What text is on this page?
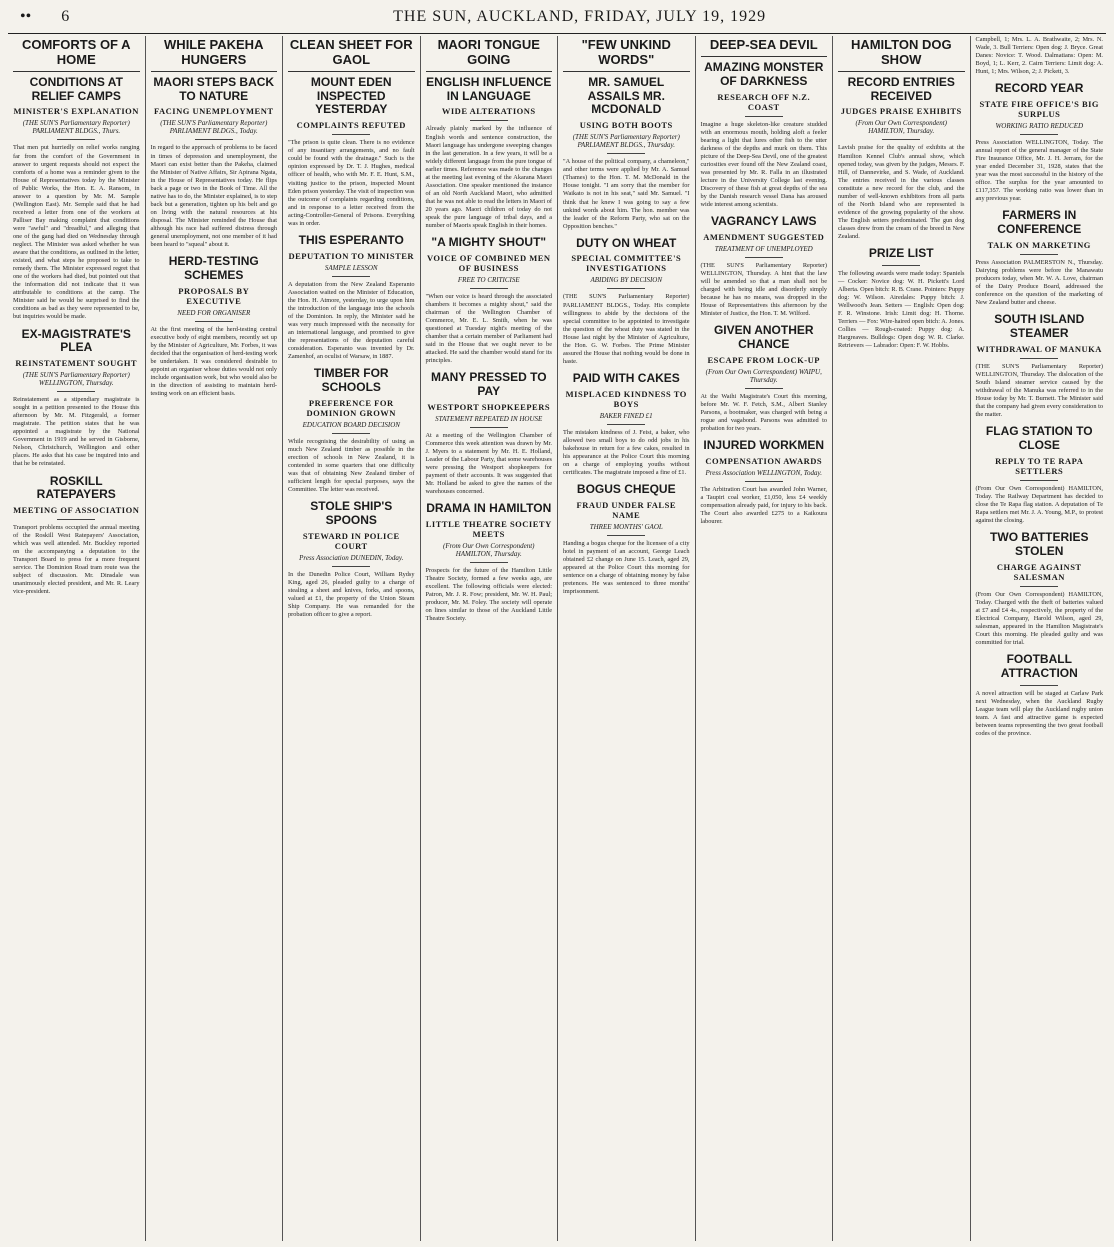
•• 6	THE SUN, AUCKLAND, FRIDAY, JULY 19, 1929
COMFORTS OF A HOME
CONDITIONS AT RELIEF CAMPS
MINISTER'S EXPLANATION
(THE SUN'S Parliamentary Reporter) PARLIAMENT BLDGS., Thurs.
That men put hurriedly on relief works ranging far from the comfort of the Government in answer to urgent requests should not expect the comforts of a home was a reminder given to the House of Representatives today by the Minister of Public Works, the Hon. E. A. Ransom, in answer to a question by Mr. M. Sample (Wellington East). Mr. Semple said that he had received a letter from one of the workers at Palliser Bay making complaint that conditions were "awful" and "dreadful," and alleging that one of the gang had died on Wednesday through neglect. The Minister was asked whether he was aware that the conditions, as outlined in the letter, existed, and what steps he proposed to take to remedy them. The Minister expressed regret that one of the workers had died, but pointed out that the information did not indicate that it was attributable to conditions at the camp. The Minister said he would be surprised to find the conditions as bad as they were represented to be, but inquiries would be made.
EX-MAGISTRATE'S PLEA
REINSTATEMENT SOUGHT
(THE SUN'S Parliamentary Reporter) WELLINGTON, Thursday.
Reinstatement as a stipendiary magistrate is sought in a petition presented to the House this afternoon by Mr. M. Fitzgerald, a former magistrate. The petition states that he was appointed a magistrate by the National Government in 1919 and he served in Gisborne, Nelson, Christchurch, Wellington and other places. He asks that his case be inquired into and that he be reinstated.
ROSKILL RATEPAYERS
MEETING OF ASSOCIATION
Transport problems occupied the annual meeting of the Roskill West Ratepayers' Association, which was well attended. Mr. Buckley reported on the accompanying a deputation to the Transport Board to press for a more frequent service. The Dominion Road tram route was the subject of discussion. Mr. Dinsdale was unanimously elected president, and Mr. R. Leary vice-president.
WHILE PAKEHA HUNGERS
MAORI STEPS BACK TO NATURE
FACING UNEMPLOYMENT
(THE SUN'S Parliamentary Reporter) PARLIAMENT BLDGS., Today.
In regard to the approach of problems to be faced in times of depression and unemployment, the Maori can exist better than the Pakeha, claimed the Minister of Native Affairs, Sir Apirana Ngata, in the House of Representatives today. He flips back a page or two in the Book of Time. All the native has to do, the Minister explained, is to step back but a generation, tighten up his belt and go on living with the natural resources at his disposal. The Minister reminded the House that although his race had suffered distress through general unemployment, not one member of it had been heard to "squeal" about it.
HERD-TESTING SCHEMES
PROPOSALS BY EXECUTIVE
NEED FOR ORGANISER
At the first meeting of the herd-testing central executive body of eight members, recently set up by the Minister of Agriculture, Mr. Forbes, it was decided that the organisation of herd-testing work be undertaken. It was considered desirable to appoint an organiser whose duties would not only include organisation work, but who would also be in the direction of assisting to maintain herd-testing work on an efficient basis.
CLEAN SHEET FOR GAOL
MOUNT EDEN INSPECTED YESTERDAY
COMPLAINTS REFUTED
"The prison is quite clean. There is no evidence of any insanitary arrangements, and no fault could be found with the drainage." Such is the opinion expressed by Dr. T. J. Hughes, medical officer of health, who with Mr. F. E. Hunt, S.M., visiting justice to the prison, inspected Mount Eden prison yesterday. The visit of inspection was the outcome of complaints regarding conditions, and in response to a letter received from the acting-Controller-General of Prisons. Everything was in order.
THIS ESPERANTO
DEPUTATION TO MINISTER
SAMPLE LESSON
A deputation from the New Zealand Esperanto Association waited on the Minister of Education, the Hon. H. Atmore, yesterday, to urge upon him the introduction of the language into the schools of the Dominion. In reply, the Minister said he was very much impressed with the necessity for an international language, and promised to give the representations of the deputation careful consideration. Esperanto was invented by Dr. Zamenhof, an oculist of Warsaw, in 1887.
TIMBER FOR SCHOOLS
PREFERENCE FOR DOMINION GROWN
EDUCATION BOARD DECISION
While recognising the desirability of using as much New Zealand timber as possible in the erection of schools in New Zealand, it is contended in some quarters that one difficulty was that of obtaining New Zealand timber of sufficient length for special purposes, says the Committee. The letter was received.
STOLE SHIP'S SPOONS
STEWARD IN POLICE COURT
Press Association DUNEDIN, Today.
In the Dunedin Police Court, William Rydsy King, aged 26, pleaded guilty to a charge of stealing a sheet and knives, forks, and spoons, valued at £1, the property of the Union Steam Ship Company. He was remanded for the probation officer to give a report.
MAORI TONGUE GOING
ENGLISH INFLUENCE IN LANGUAGE
WIDE ALTERATIONS
Already plainly marked by the influence of English words and sentence construction, the Maori language has undergone sweeping changes in the last generation. In a few years, it will be a widely different language from the pure tongue of earlier times. Reference was made to the changes at the meeting last evening of the Akarana Maori Association. One speaker mentioned the instance of an old North Auckland Maori, who admitted that he was not able to read the letters in Maori of 20 years ago. Maori children of today do not speak the pure language of tribal days, and a number of Maoris speak English in their homes.
"A MIGHTY SHOUT"
VOICE OF COMBINED MEN OF BUSINESS
FREE TO CRITICISE
"When our voice is heard through the associated chambers it becomes a mighty shout," said the chairman of the Wellington Chamber of Commerce, Mr. E. L. Smith, when he was questioned at Tuesday night's meeting of the chamber that a certain member of Parliament had said in the House that we ought never to be attacked. He said the chamber would stand for its principles.
MANY PRESSED TO PAY
WESTPORT SHOPKEEPERS
STATEMENT REPEATED IN HOUSE
At a meeting of the Wellington Chamber of Commerce this week attention was drawn by Mr. J. Myers to a statement by Mr. H. E. Holland, Leader of the Labour Party, that some warehouses were pressing the Westport shopkeepers for payment of their accounts. It was suggested that Mr. Holland be asked to give the names of the warehouses concerned.
DRAMA IN HAMILTON
LITTLE THEATRE SOCIETY MEETS
(From Our Own Correspondent) HAMILTON, Thursday.
Prospects for the future of the Hamilton Little Theatre Society, formed a few weeks ago, are excellent. The following officials were elected: Patron, Mr. J. R. Fow; president, Mr. W. H. Paul; producer, Mr. M. Foley. The society will operate on lines similar to those of the Auckland Little Theatre Society.
"FEW UNKIND WORDS"
MR. SAMUEL ASSAILS MR. MCDONALD
USING BOTH BOOTS
(THE SUN'S Parliamentary Reporter) PARLIAMENT BLDGS., Thursday.
"A house of the political company, a chameleon," and other terms were applied by Mr. A. Samuel (Thames) to the Hon. T. M. McDonald in the House tonight. "I am sorry that the member for Waikato is not in his seat," said Mr. Samuel. "I think that he knew I was going to say a few unkind words about him. The hon. member was the leader of the Reform Party, who sat on the Opposition benches."
DUTY ON WHEAT
SPECIAL COMMITTEE'S INVESTIGATIONS
ABIDING BY DECISION
(THE SUN'S Parliamentary Reporter) PARLIAMENT BLDGS., Today. His complete willingness to abide by the decisions of the special committee to be appointed to investigate the question of the wheat duty was stated in the House last night by the Minister of Agriculture, the Hon. G. W. Forbes. The Prime Minister assured the House that nothing would be done in haste.
PAID WITH CAKES
MISPLACED KINDNESS TO BOYS
BAKER FINED £1
The mistaken kindness of J. Feist, a baker, who allowed two small boys to do odd jobs in his bakehouse in return for a few cakes, resulted in his appearance at the Police Court this morning on a charge of employing youths without certificates. The magistrate imposed a fine of £1.
BOGUS CHEQUE
FRAUD UNDER FALSE NAME
THREE MONTHS' GAOL
Handing a bogus cheque for the licensee of a city hotel in payment of an account, George Leach obtained £2 change on June 15. Leach, aged 29, appeared at the Police Court this morning for sentence on a charge of obtaining money by false pretences. He was sentenced to three months' imprisonment.
DEEP-SEA DEVIL
AMAZING MONSTER OF DARKNESS
RESEARCH OFF N.Z. COAST
Imagine a huge skeleton-like creature studded with an enormous mouth, holding aloft a feeler bearing a light that lures other fish to the utter darkness of the depths and murk on them. This picture of the Deep-Sea Devil, one of the greatest curiosities ever found off the New Zealand coast, was presented by Mr. R. Falla in an illustrated lecture in the University College last evening. Discovery of these fish at great depths of the sea by the Danish research vessel Dana has aroused wide interest among scientists.
VAGRANCY LAWS
AMENDMENT SUGGESTED
TREATMENT OF UNEMPLOYED
(THE SUN'S Parliamentary Reporter) WELLINGTON, Thursday. A hint that the law will be amended so that a man shall not be charged with being idle and disorderly simply because he has no means, was dropped in the House of Representatives this afternoon by the Minister of Justice, the Hon. T. M. Wilford.
GIVEN ANOTHER CHANCE
ESCAPE FROM LOCK-UP
(From Our Own Correspondent) WAIPU, Thursday.
At the Waihi Magistrate's Court this morning, before Mr. W. F. Fetch, S.M., Albert Stanley Parsons, a bootmaker, was charged with being a rogue and vagabond. Parsons was admitted to probation for two years.
INJURED WORKMEN
COMPENSATION AWARDS
Press Association WELLINGTON, Today.
The Arbitration Court has awarded John Warner, a Taupiri coal worker, £1,050, less £4 weekly compensation already paid, for injury to his back. The Court also awarded £275 to a Kaikoura labourer.
HAMILTON DOG SHOW
RECORD ENTRIES RECEIVED
JUDGES PRAISE EXHIBITS
(From Our Own Correspondent) HAMILTON, Thursday.
Lavish praise for the quality of exhibits at the Hamilton Kennel Club's annual show, which opened today, was given by the judges, Messrs. F. Hill, of Dannevirke, and S. Wade, of Auckland. The entries received in the various classes constitute a new record for the club, and the number of well-known exhibitors from all parts of the North Island who are represented is evidence of the growing popularity of the show. The English setters predominated. The gun dog classes drew from the cream of the breed in New Zealand.
PRIZE LIST
The following awards were made today: Spaniels — Cocker: Novice dog: W. H. Pickett's Lord Alberta. Open bitch: R. B. Crane. Pointers: Puppy dog: W. Wilson. Airedales: Puppy bitch: J. Wellwood's Jean. Setters — English: Open dog: F. R. Winstone. Irish: Limit dog: H. Thorne. Terriers — Fox: Wire-haired open bitch: A. Jones. Collies — Rough-coated: Puppy dog: A. Hargreaves. Bulldogs: Open dog: W. R. Clarke. Retrievers — Labrador: Open: F. W. Hobbs.
Campbell, 1; Mrs. L. A. Brathwaite, 2; Mrs. N. Wade, 3. Bull Terriers: Open dog: J. Bryce. Great Danes: Novice: T. Wood. Dalmatians: Open: M. Boyd, 1; L. Kerr, 2. Cairn Terriers: Limit dog: A. Hunt, 1; Mrs. Wilson, 2; J. Pickett, 3.
RECORD YEAR
STATE FIRE OFFICE'S BIG SURPLUS
WORKING RATIO REDUCED
Press Association WELLINGTON, Today. The annual report of the general manager of the State Fire Insurance Office, Mr. J. H. Jerram, for the year ended December 31, 1928, states that the year was the most successful in the history of the office. The surplus for the year amounted to £117,357. The working ratio was lower than in any previous year.
FARMERS IN CONFERENCE
TALK ON MARKETING
Press Association PALMERSTON N., Thursday. Dairying problems were before the Manawatu producers today, when Mr. W. A. Love, chairman of the Dairy Produce Board, addressed the conference on the question of the marketing of New Zealand butter and cheese.
SOUTH ISLAND STEAMER
WITHDRAWAL OF MANUKA
(THE SUN'S Parliamentary Reporter) WELLINGTON, Thursday. The dislocation of the South Island steamer service caused by the withdrawal of the Manuka was referred to in the House today by Mr. T. Burnett. The Minister said that the company had given every consideration to the matter.
FLAG STATION TO CLOSE
REPLY TO TE RAPA SETTLERS
(From Our Own Correspondent) HAMILTON, Today. The Railway Department has decided to close the Te Rapa flag station. A deputation of Te Rapa settlers met Mr. J. A. Young, M.P., to protest against the closing.
TWO BATTERIES STOLEN
CHARGE AGAINST SALESMAN
(From Our Own Correspondent) HAMILTON, Today. Charged with the theft of batteries valued at £7 and £4 4s., respectively, the property of the Electrical Company, Harold Wilson, aged 29, salesman, appeared in the Hamilton Magistrate's Court this morning. He pleaded guilty and was committed for trial.
FOOTBALL ATTRACTION
A novel attraction will be staged at Carlaw Park next Wednesday, when the Auckland Rugby League team will play the Auckland rugby union team. A fast and attractive game is expected between teams representing the two great football codes of the province.
